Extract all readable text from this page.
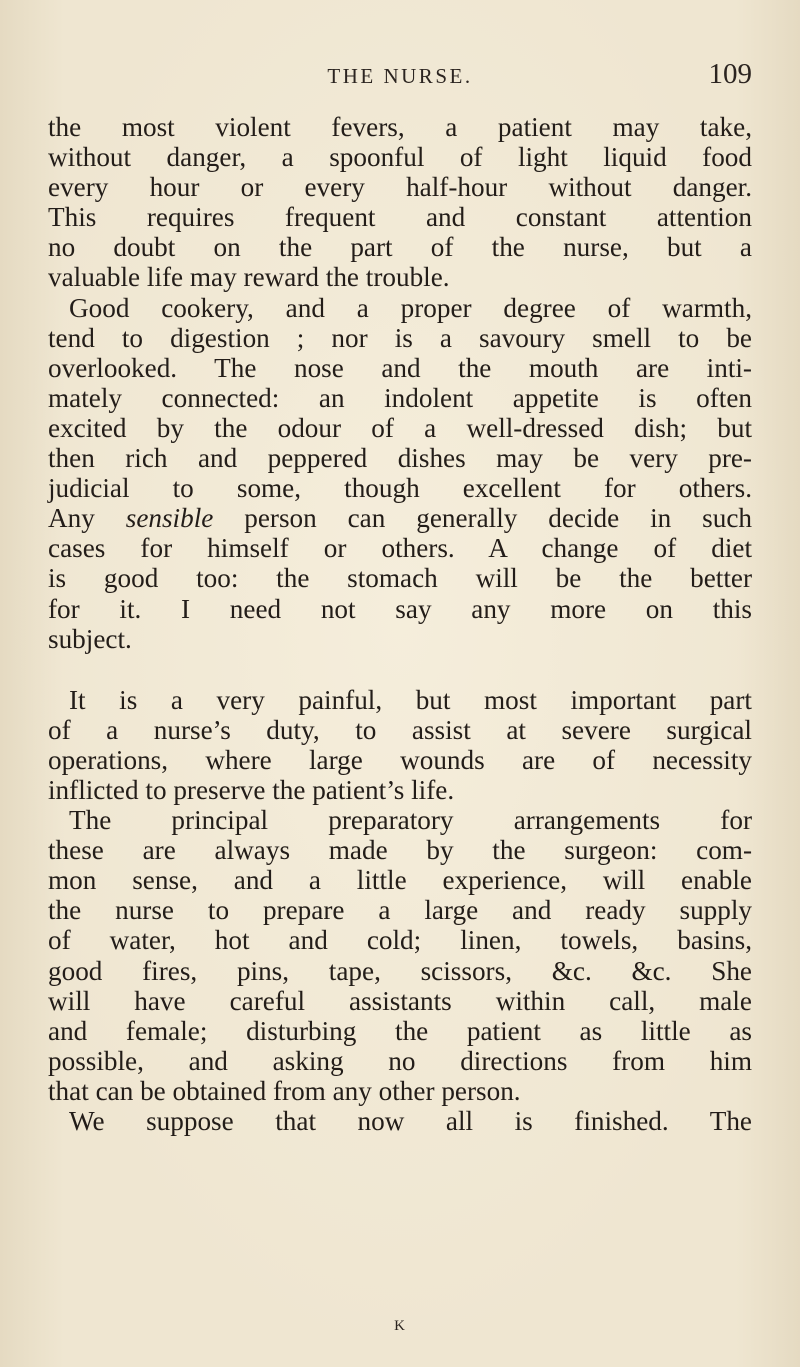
THE NURSE.	109
the most violent fevers, a patient may take,
without danger, a spoonful of light liquid food
every hour or every half-hour without danger.
This requires frequent and constant attention
no doubt on the part of the nurse, but a
valuable life may reward the trouble.
Good cookery, and a proper degree of warmth,
tend to digestion ; nor is a savoury smell to be
overlooked. The nose and the mouth are inti-
mately connected: an indolent appetite is often
excited by the odour of a well-dressed dish; but
then rich and peppered dishes may be very pre-
judicial to some, though excellent for others.
Any sensible person can generally decide in such
cases for himself or others. A change of diet
is good too: the stomach will be the better
for it. I need not say any more on this
subject.
It is a very painful, but most important part
of a nurse’s duty, to assist at severe surgical
operations, where large wounds are of necessity
inflicted to preserve the patient’s life.
The principal preparatory arrangements for
these are always made by the surgeon: com-
mon sense, and a little experience, will enable
the nurse to prepare a large and ready supply
of water, hot and cold; linen, towels, basins,
good fires, pins, tape, scissors, &c. &c. She
will have careful assistants within call, male
and female; disturbing the patient as little as
possible, and asking no directions from him
that can be obtained from any other person.
We suppose that now all is finished. The
K
